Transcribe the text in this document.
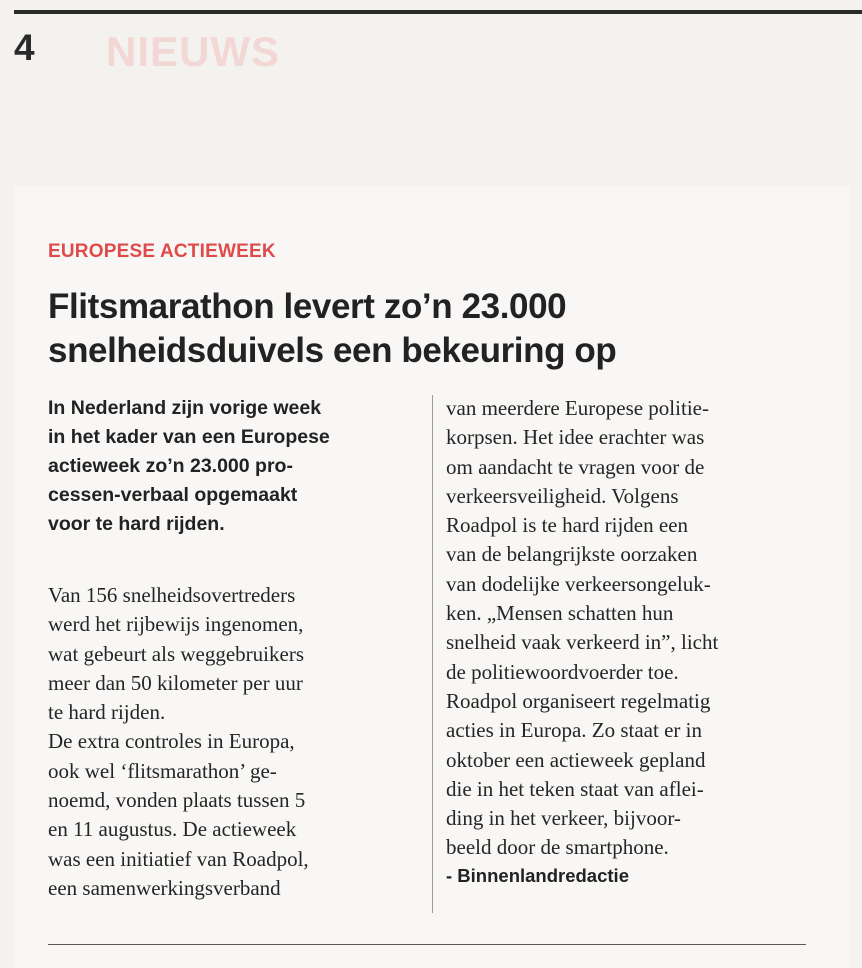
4 NIEUWS
EUROPESE ACTIEWEEK
Flitsmarathon levert zo’n 23.000
snelheidsduivels een bekeuring op

In Nederland zijn vorige week
in het kader van een Europese
actieweek zo’n 23.000 pro-
cessen-verbaal opgemaakt
voor te hard rijden.

Van 156 snelheidsovertreders
werd het rijbewijs ingenomen,
wat gebeurt als weggebruikers
meer dan 50 kilometer per uur
te hard rijden.
De extra controles in Europa,
ook wel ‘flitsmarathon’ ge-
noemd, vonden plaats tussen 5
en 11 augustus. De actieweek
was een initiatief van Roadpol,
een samenwerkingsverband

van meerdere Europese politie-
korpsen. Het idee erachter was
om aandacht te vragen voor de
verkeersveiligheid. Volgens
Roadpol is te hard rijden een
van de belangrijkste oorzaken
van dodelijke verkeersongeluk-
ken. „Mensen schatten hun
snelheid vaak verkeerd in”, licht
de politiewoordvoerder toe.
Roadpol organiseert regelmatig
acties in Europa. Zo staat er in
oktober een actieweek gepland
die in het teken staat van aflei-
ding in het verkeer, bijvoor-
beeld door de smartphone.

- Binnenlandredactie
